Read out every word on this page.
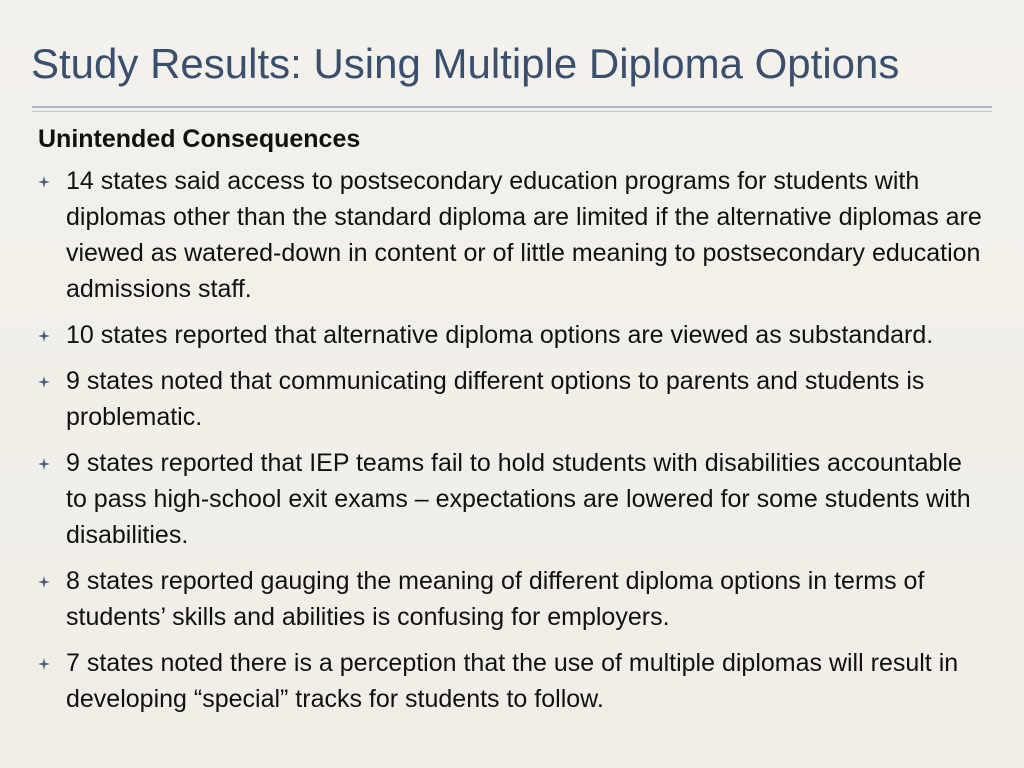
Study Results: Using Multiple Diploma Options
Unintended Consequences
14 states said access to postsecondary education programs for students with diplomas other than the standard diploma are limited if the alternative diplomas are viewed as watered-down in content or of little meaning to postsecondary education admissions staff.
10 states reported that alternative diploma options are viewed as substandard.
9 states noted that communicating different options to parents and students is problematic.
9 states reported that IEP teams fail to hold students with disabilities accountable to pass high-school exit exams – expectations are lowered for some students with disabilities.
8 states reported gauging the meaning of different diploma options in terms of students’ skills and abilities is confusing for employers.
7 states noted there is a perception that the use of multiple diplomas will result in developing “special” tracks for students to follow.
